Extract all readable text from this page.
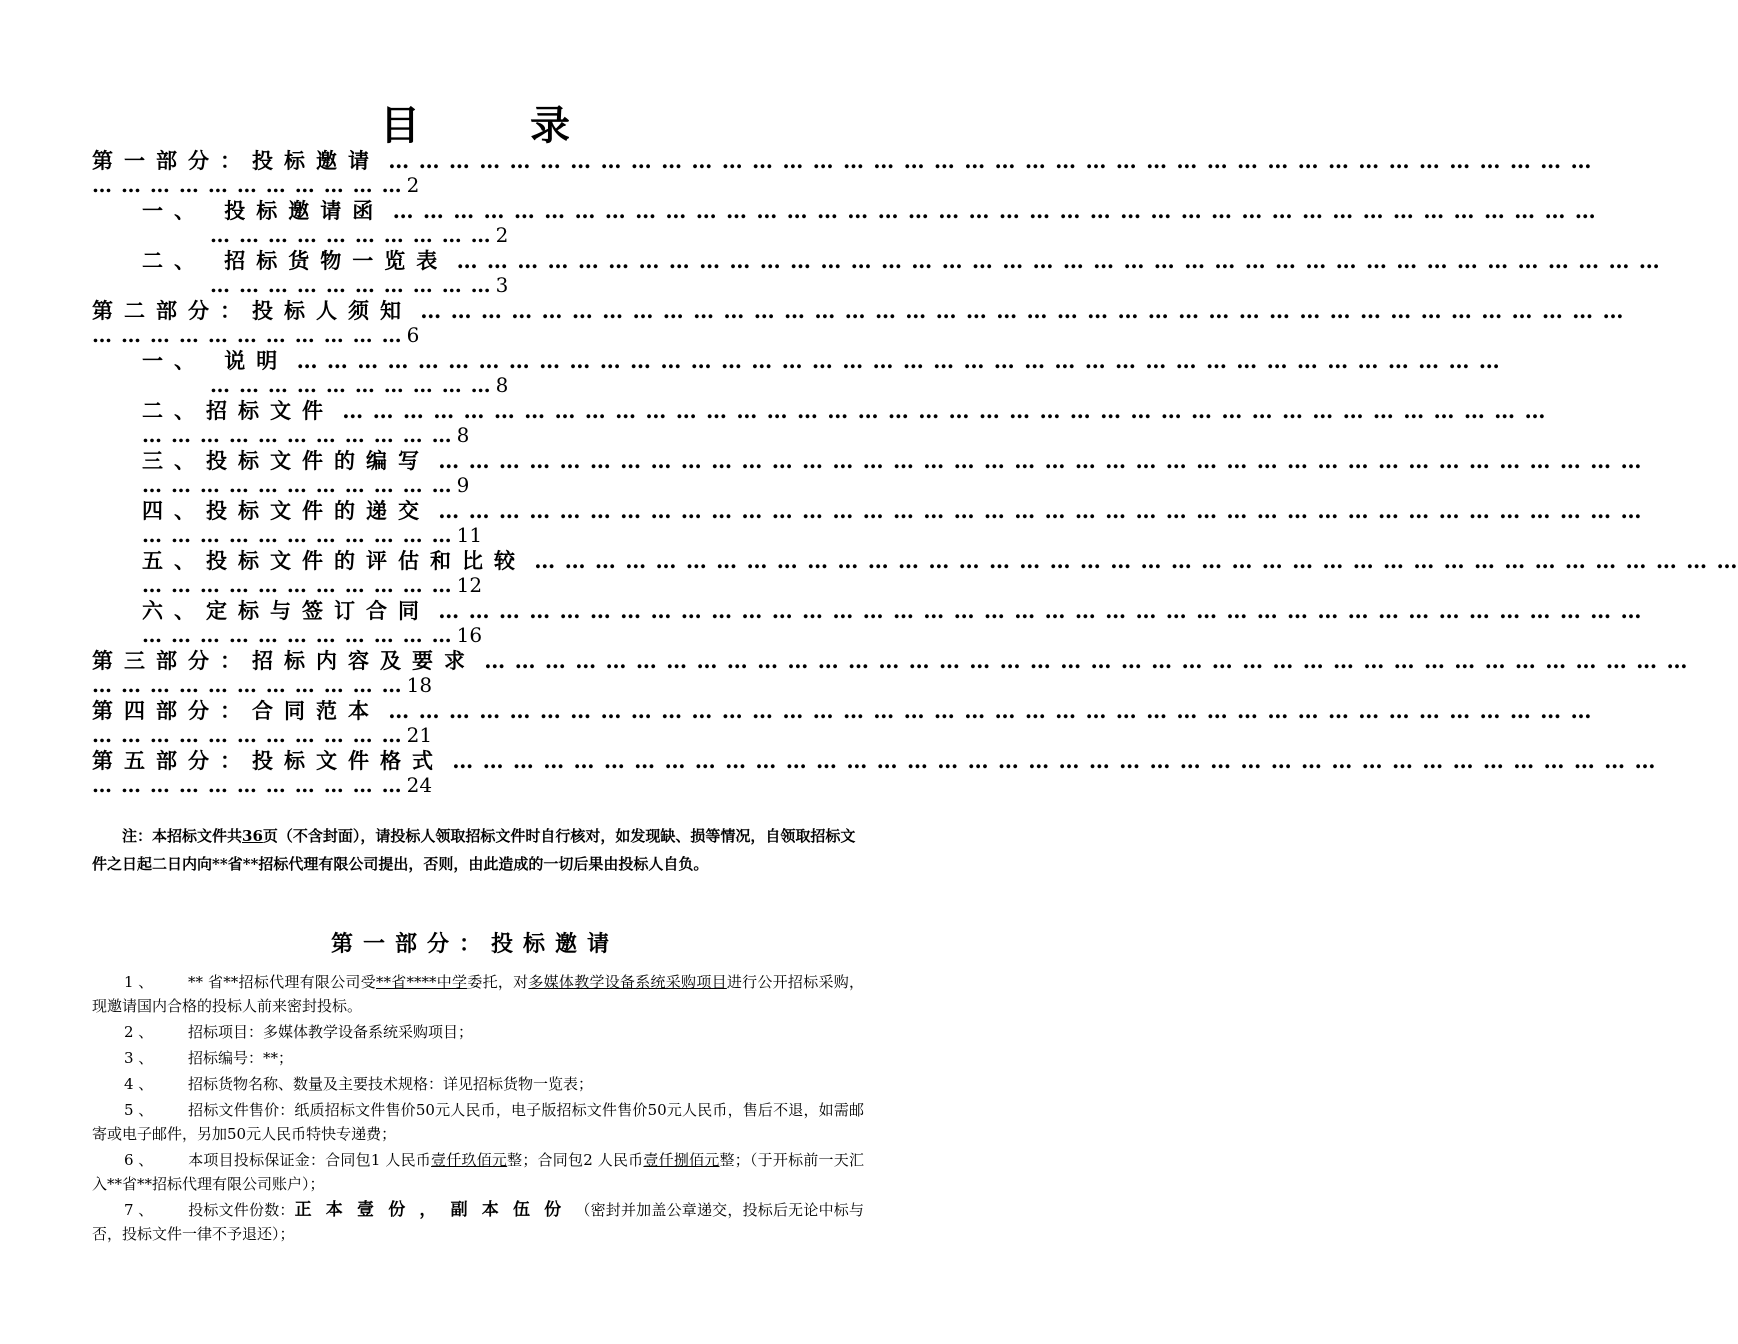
目 录
第一部分：投标邀请 … … … … … … … … … … … … … … … … … … … … … … … … … … … … … … … … … … … … … … … …
… … … … … … … … … … … 2
一、 投标邀请函 … … … … … … … … … … … … … … … … … … … … … … … … … … … … … … … … … … … … … … … …
… … … … … … … … … … 2
二、 招标货物一览表 … … … … … … … … … … … … … … … … … … … … … … … … … … … … … … … … … … … … … … … …
… … … … … … … … … … 3
第二部分：投标人须知 … … … … … … … … … … … … … … … … … … … … … … … … … … … … … … … … … … … … … … … …
… … … … … … … … … … … 6
一、 说明 … … … … … … … … … … … … … … … … … … … … … … … … … … … … … … … … … … … … … … … …
… … … … … … … … … … 8
二、招标文件 … … … … … … … … … … … … … … … … … … … … … … … … … … … … … … … … … … … … … … … …
… … … … … … … … … … … 8
三、投标文件的编写 … … … … … … … … … … … … … … … … … … … … … … … … … … … … … … … … … … … … … … … …
… … … … … … … … … … … 9
四、投标文件的递交 … … … … … … … … … … … … … … … … … … … … … … … … … … … … … … … … … … … … … … … …
… … … … … … … … … … … 11
五、投标文件的评估和比较 … … … … … … … … … … … … … … … … … … … … … … … … … … … … … … … … … … … … … … … …
… … … … … … … … … … … 12
六、定标与签订合同 … … … … … … … … … … … … … … … … … … … … … … … … … … … … … … … … … … … … … … … …
… … … … … … … … … … … 16
第三部分：招标内容及要求 … … … … … … … … … … … … … … … … … … … … … … … … … … … … … … … … … … … … … … … …
… … … … … … … … … … … 18
第四部分：合同范本 … … … … … … … … … … … … … … … … … … … … … … … … … … … … … … … … … … … … … … … …
… … … … … … … … … … … 21
第五部分：投标文件格式 … … … … … … … … … … … … … … … … … … … … … … … … … … … … … … … … … … … … … … … …
… … … … … … … … … … … 24
注：本招标文件共36页（不含封面），请投标人领取招标文件时自行核对，如发现缺、损等情况，自领取招标文件之日起二日内向**省**招标代理有限公司提出，否则，由此造成的一切后果由投标人自负。
第一部分：投标邀请

1 、 ** 省**招标代理有限公司受**省****中学委托，对多媒体教学设备系统采购项目进行公开招标采购，现邀请国内合格的投标人前来密封投标。

2 、 招标项目：多媒体教学设备系统采购项目；

3 、 招标编号：**；

4 、 招标货物名称、数量及主要技术规格：详见招标货物一览表；

5 、 招标文件售价：纸质招标文件售价50元人民币，电子版招标文件售价50元人民币，售后不退，如需邮寄或电子邮件，另加50元人民币特快专递费；

6 、 本项目投标保证金：合同包1 人民币壹仟玖佰元整；合同包2 人民币壹仟捌佰元整；（于开标前一天汇入**省**招标代理有限公司账户）；

7 、 投标文件份数：正本壹份，副本伍份（密封并加盖公章递交，投标后无论中标与否，投标文件一律不予退还）；
